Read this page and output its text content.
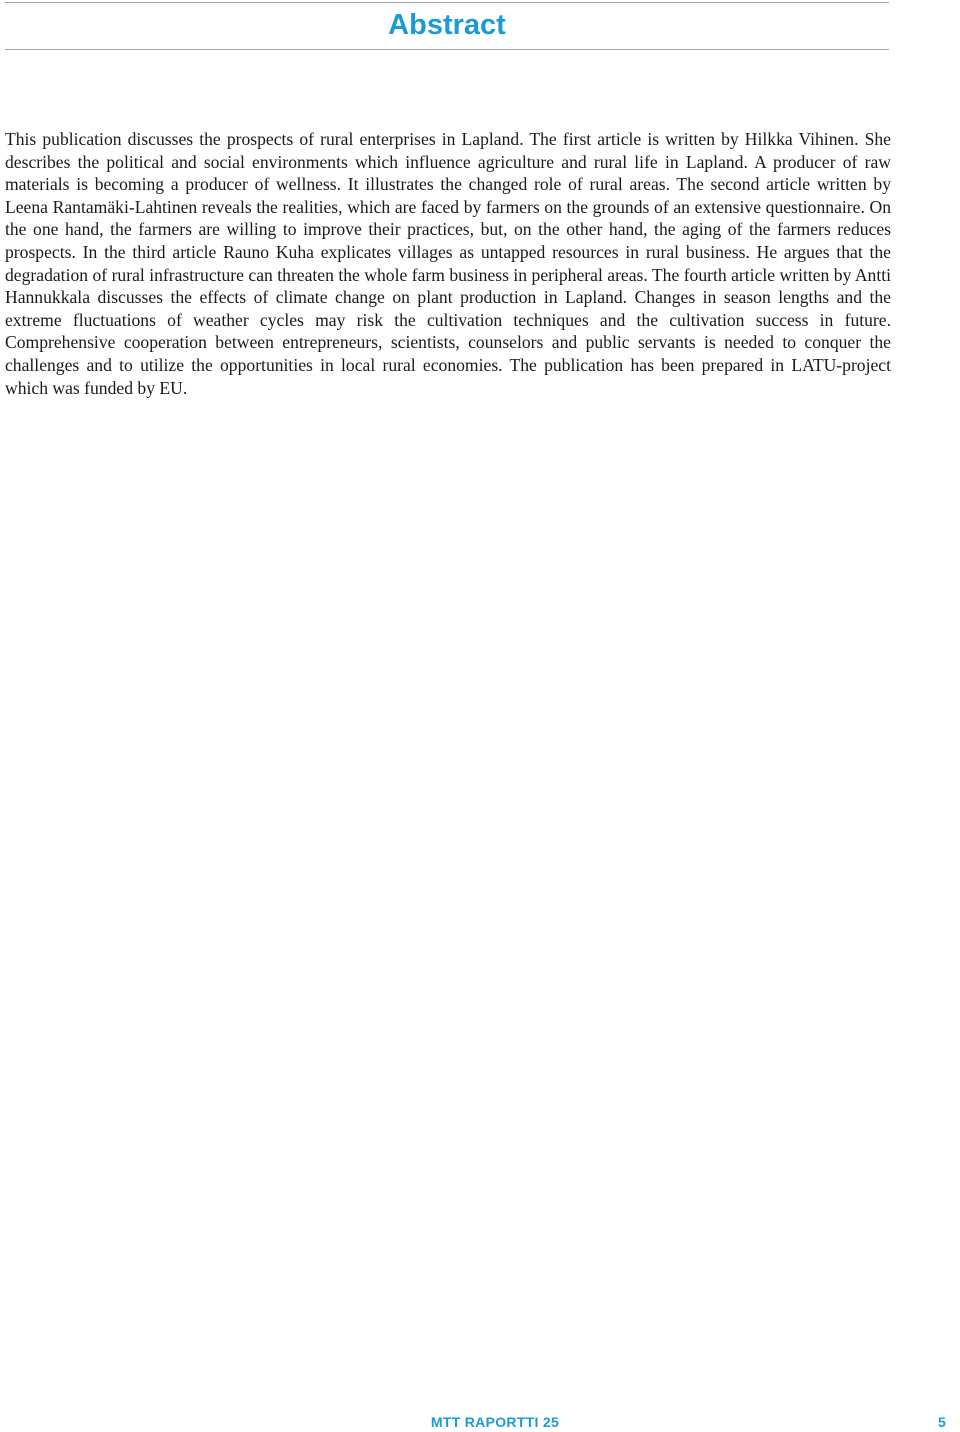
Abstract

This publication discusses the prospects of rural enterprises in Lapland. The first article is written by Hilkka Vihinen. She describes the political and social environments which influence agriculture and rural life in Lapland. A producer of raw materials is becoming a producer of wellness. It illustrates the changed role of rural areas. The second article written by Leena Rantamäki-Lahtinen reveals the realities, which are faced by farmers on the grounds of an extensive questionnaire. On the one hand, the farmers are willing to improve their practices, but, on the other hand, the aging of the farmers reduces prospects. In the third article Rauno Kuha explicates villages as untapped resources in rural business. He argues that the degradation of rural infrastructure can threaten the whole farm business in peripheral areas. The fourth article written by Antti Hannukkala discusses the effects of climate change on plant production in Lapland. Changes in season lengths and the extreme fluctuations of weather cycles may risk the cultivation techniques and the cultivation success in future. Comprehensive cooperation between entrepreneurs, scientists, counselors and public servants is needed to conquer the challenges and to utilize the opportunities in local rural economies. The publication has been prepared in LATU-project which was funded by EU.

MTT RAPORTTI 25	5
